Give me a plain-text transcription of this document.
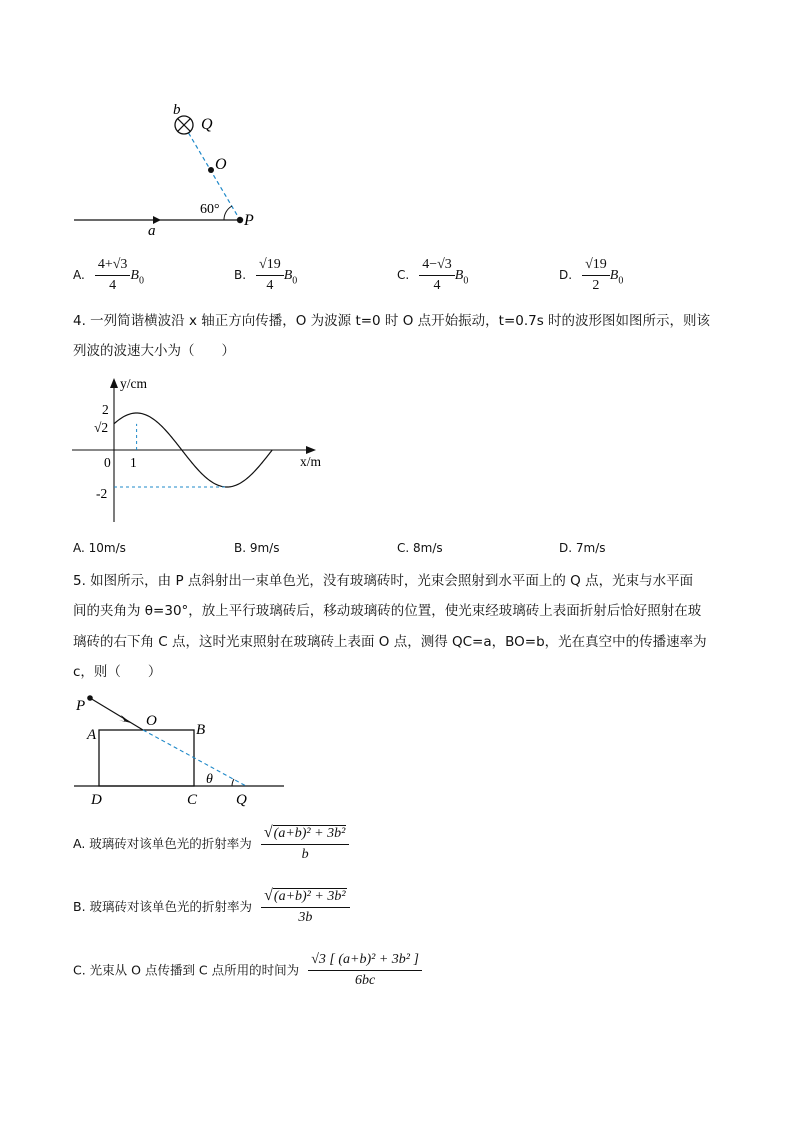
b
Q
O
60°
P
a
A. $\frac{4+√3}{4} B_0$	B. $\frac{√19}{4} B_0$	C. $\frac{4-√3}{4} B_0$	D. $\frac{√19}{2} B_0$
4. 一列简谐横波沿 x 轴正方向传播，O 为波源 t=0 时 O 点开始振动，t=0.7s 时的波形图如图所示，则该
列波的波速大小为（　　）
y/cm
x/m
2
√2
0 1
-2
A. 10m/s	B. 9m/s	C. 8m/s	D. 7m/s
5. 如图所示，由 P 点斜射出一束单色光，没有玻璃砖时，光束会照射到水平面上的 Q 点，光束与水平面
间的夹角为 θ=30°，放上平行玻璃砖后，移动玻璃砖的位置，使光束经玻璃砖上表面折射后恰好照射在玻
璃砖的右下角 C 点，这时光束照射在玻璃砖上表面 O 点，测得 QC=a，BO=b，光在真空中的传播速率为
c，则（　　）
P
O
A	B
θ
D	C	Q
A. 玻璃砖对该单色光的折射率为 $\frac{\text{√(a+b)² + 3b²}}{b}$
B. 玻璃砖对该单色光的折射率为 $\frac{\text{√(a+b)² + 3b²}}{3b}$
C. 光束从 O 点传播到 C 点所用的时间为 $\frac{\text{√3 [ (a+b)² + 3b² ]}}{6bc}$
